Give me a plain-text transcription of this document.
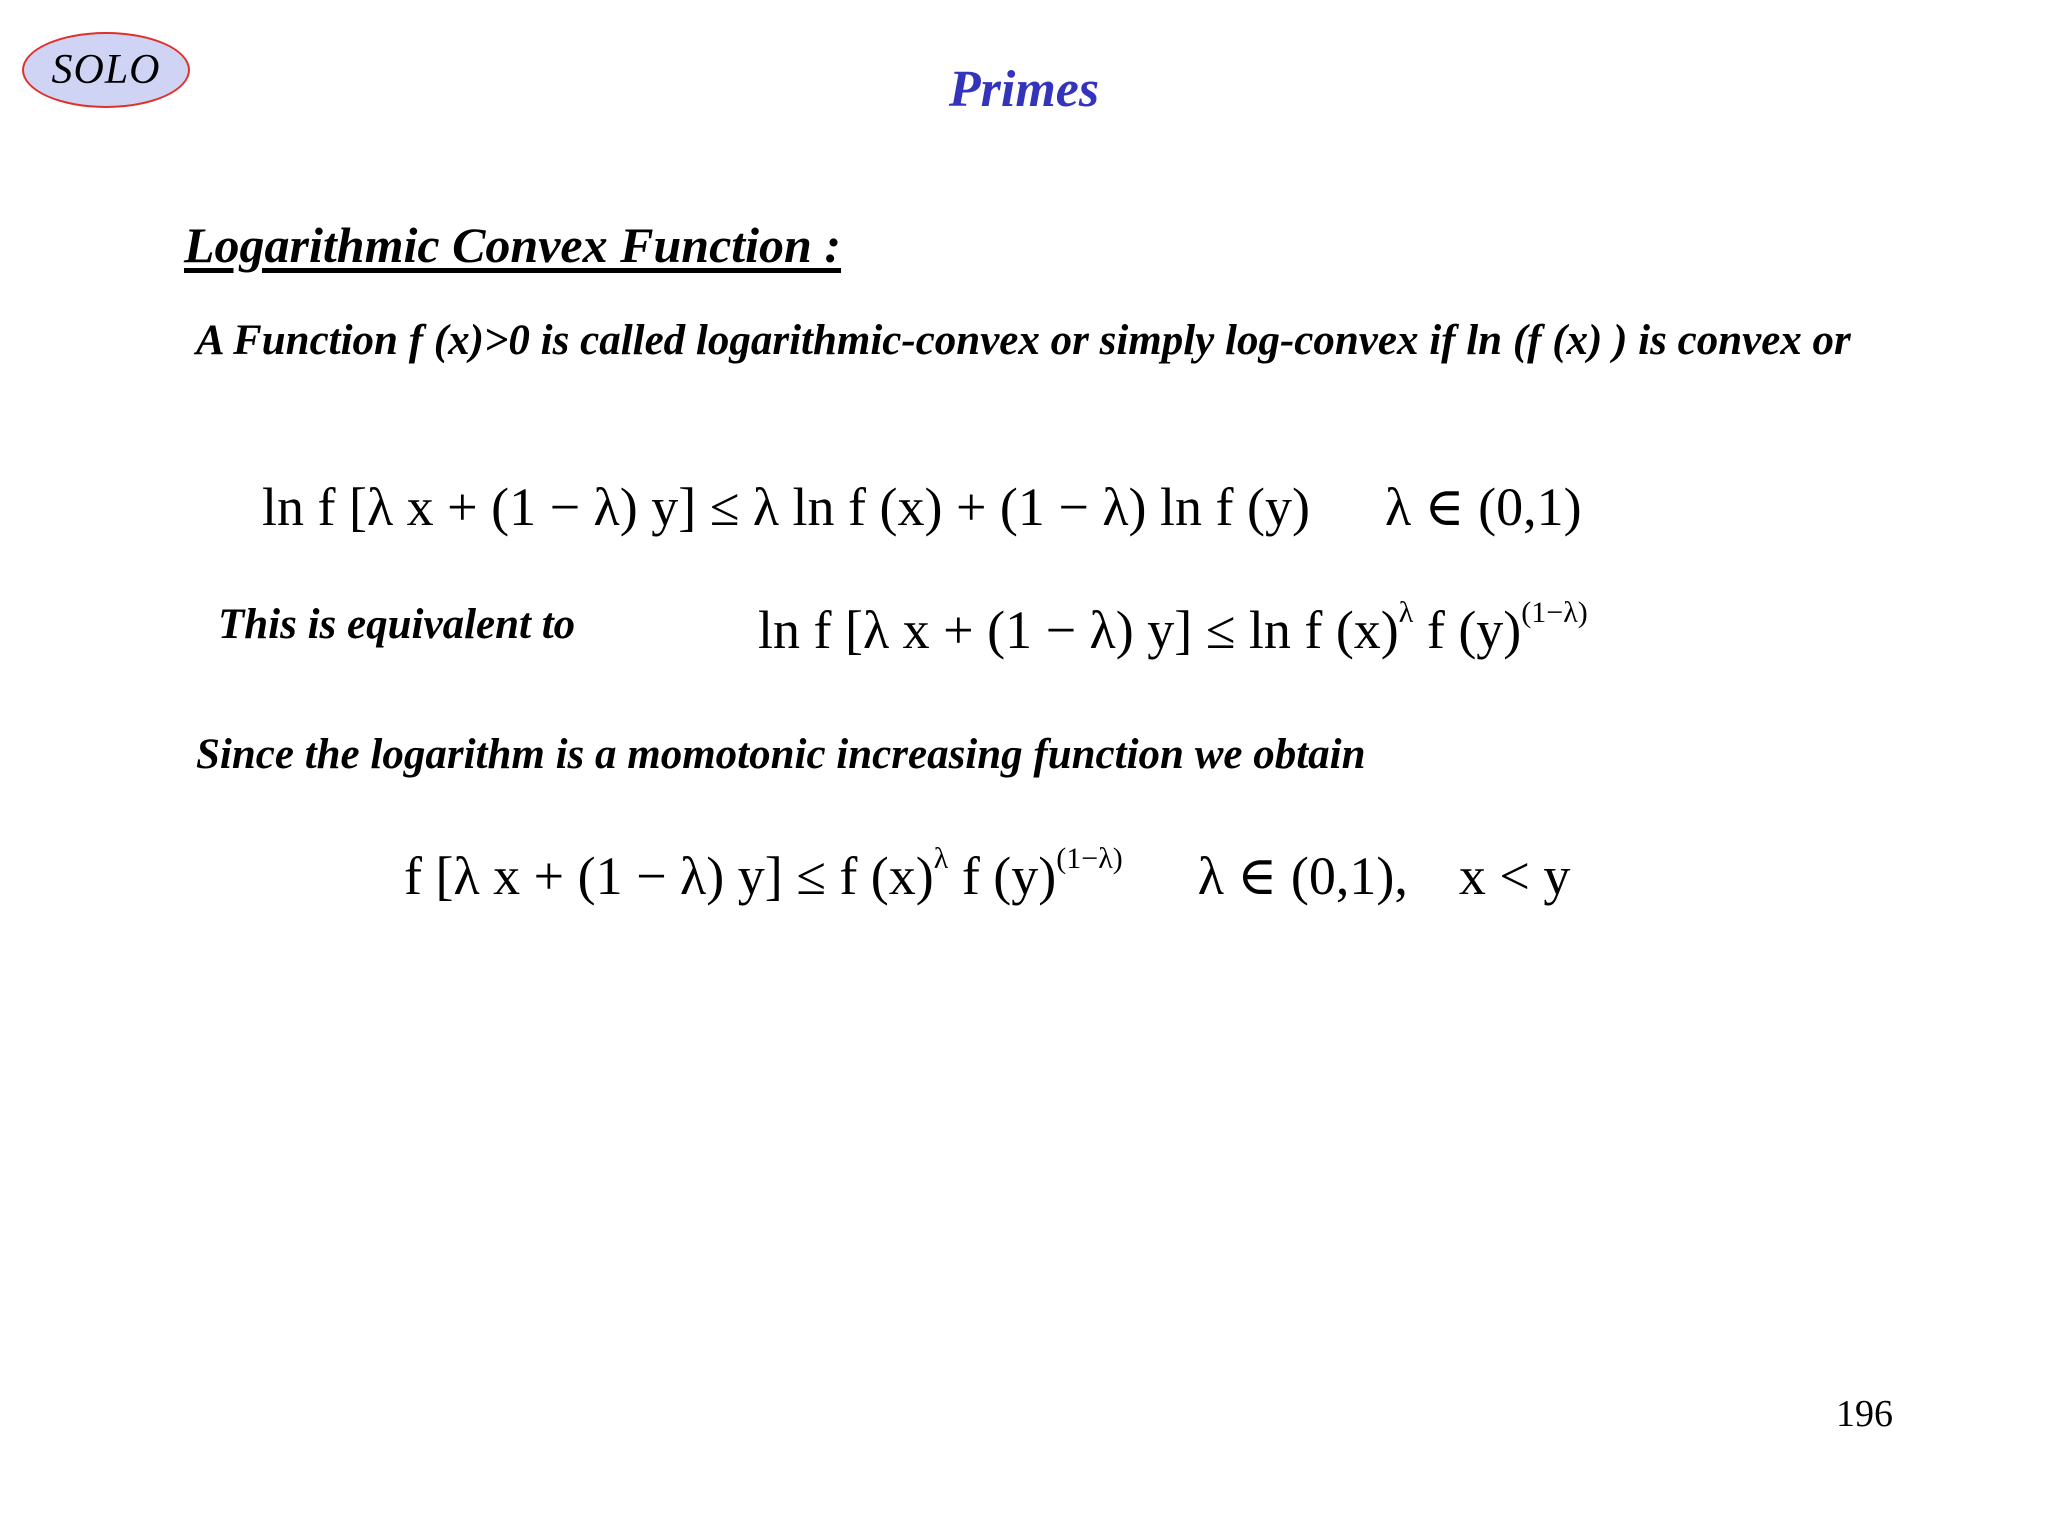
SOLO	Primes
Logarithmic Convex Function :
A Function f (x)>0 is called logarithmic-convex or simply log-convex if ln (f (x) ) is convex or
ln f [λ x + (1 − λ) y] ≤ λ ln f (x) + (1 − λ) ln f (y) λ ∈ (0,1)
This is equivalent to	ln f [λ x + (1 − λ) y] ≤ ln f $(x)^\lambda$ f $(y)^{(1-\lambda)}$
Since the logarithm is a momotonic increasing function we obtain
f [λ x + (1 − λ) y] ≤ f $(x)^\lambda$ f $(y)^{(1-\lambda)}$ λ ∈ (0,1), x < y
196
